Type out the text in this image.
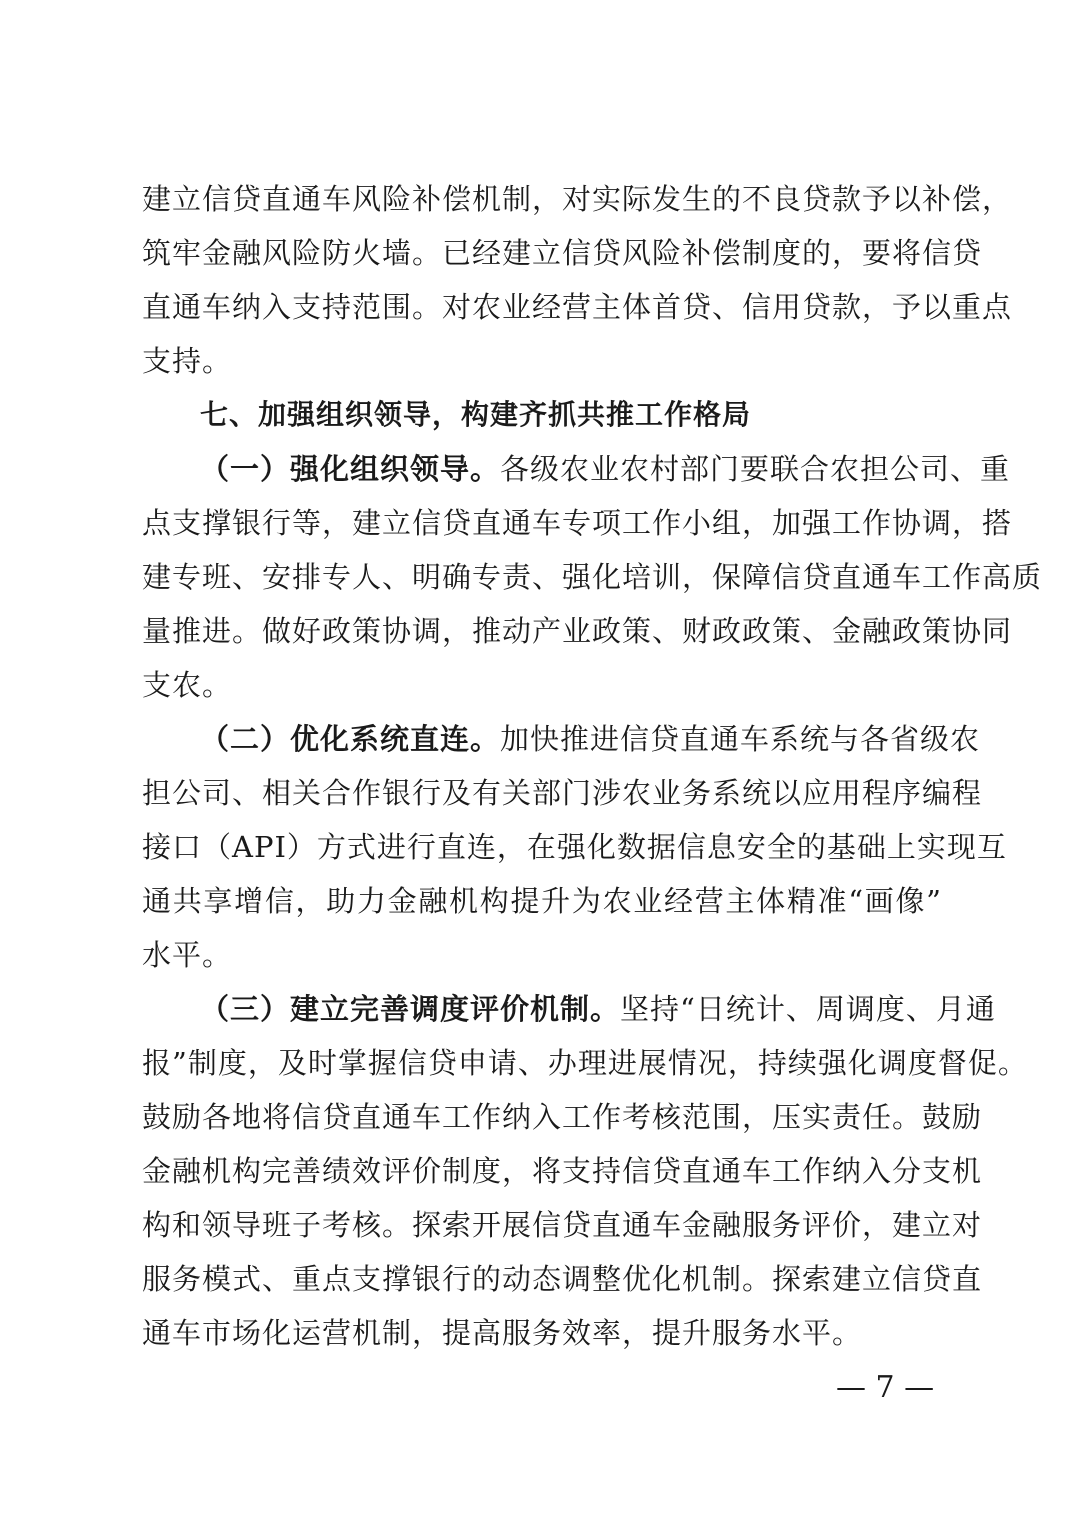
建立信贷直通车风险补偿机制，对实际发生的不良贷款予以补偿，
筑牢金融风险防火墙。已经建立信贷风险补偿制度的，要将信贷
直通车纳入支持范围。对农业经营主体首贷、信用贷款，予以重点
支持。
七、加强组织领导，构建齐抓共推工作格局
（一）强化组织领导。各级农业农村部门要联合农担公司、重
点支撑银行等，建立信贷直通车专项工作小组，加强工作协调，搭
建专班、安排专人、明确专责、强化培训，保障信贷直通车工作高质
量推进。做好政策协调，推动产业政策、财政政策、金融政策协同
支农。
（二）优化系统直连。加快推进信贷直通车系统与各省级农
担公司、相关合作银行及有关部门涉农业务系统以应用程序编程
接口（API）方式进行直连，在强化数据信息安全的基础上实现互
通共享增信，助力金融机构提升为农业经营主体精准“画像”
水平。
（三）建立完善调度评价机制。坚持“日统计、周调度、月通
报”制度，及时掌握信贷申请、办理进展情况，持续强化调度督促。
鼓励各地将信贷直通车工作纳入工作考核范围，压实责任。鼓励
金融机构完善绩效评价制度，将支持信贷直通车工作纳入分支机
构和领导班子考核。探索开展信贷直通车金融服务评价，建立对
服务模式、重点支撑银行的动态调整优化机制。探索建立信贷直
通车市场化运营机制，提高服务效率，提升服务水平。
— 7 —
